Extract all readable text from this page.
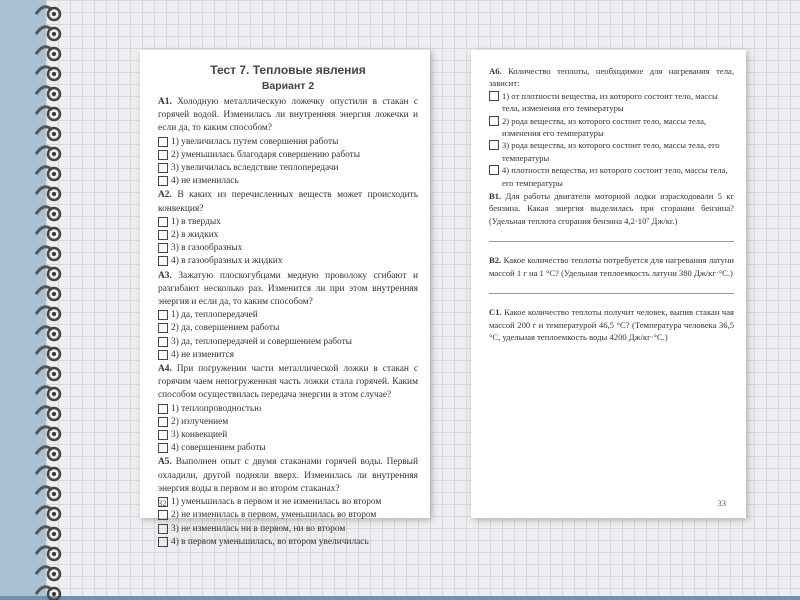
Тест 7. Тепловые явления
Вариант 2
А1. Холодную металлическую ложечку опустили в стакан с горячей водой. Изменилась ли внутренняя энергия ложечки и если да, то каким способом?
1) увеличилась путем совершения работы
2) уменьшилась благодаря совершению работы
3) увеличилась вследствие теплопередачи
4) не изменилась
А2. В каких из перечисленных веществ может происходить конвекция?
1) в твердых
2) в жидких
3) в газообразных
4) в газообразных и жидких
А3. Зажатую плоскогубцами медную проволоку сгибают и разгибают несколько раз. Изменится ли при этом внутренняя энергия и если да, то каким способом?
1) да, теплопередачей
2) да, совершением работы
3) да, теплопередачей и совершением работы
4) не изменится
А4. При погружении части металлической ложки в стакан с горячим чаем непогруженная часть ложки стала горячей. Каким способом осуществилась передача энергии в этом случае?
1) теплопроводностью
2) излучением
3) конвекцией
4) совершением работы
А5. Выполнен опыт с двумя стаканами горячей воды. Первый охладили, другой подняли вверх. Изменилась ли внутренняя энергия воды в первом и во втором стаканах?
1) уменьшилась в первом и не изменилась во втором
2) не изменилась в первом, уменьшилась во втором
3) не изменилась ни в первом, ни во втором
4) в первом уменьшилась, во втором увеличилась
32
А6. Количество теплоты, необходимое для нагревания тела, зависит:
1) от плотности вещества, из которого состоит тело, массы тела, изменения его температуры
2) рода вещества, из которого состоит тело, массы тела, изменения его температуры
3) рода вещества, из которого состоит тело, массы тела, его температуры
4) плотности вещества, из которого состоит тело, массы тела, его температуры
В1. Для работы двигателя моторной лодки израсходовали 5 кг бензина. Какая энергия выделилась при сгорании бензина? (Удельная теплота сгорания бензина 4,2·10⁷ Дж/кг.)
В2. Какое количество теплоты потребуется для нагревания латуни массой 1 г на 1 °С? (Удельная теплоемкость латуни 380 Дж/кг·°С.)
С1. Какое количество теплоты получит человек, выпив стакан чая массой 200 г и температурой 46,5 °С? (Температура человека 36,5 °С, удельная теплоемкость воды 4200 Дж/кг·°С.)
33
